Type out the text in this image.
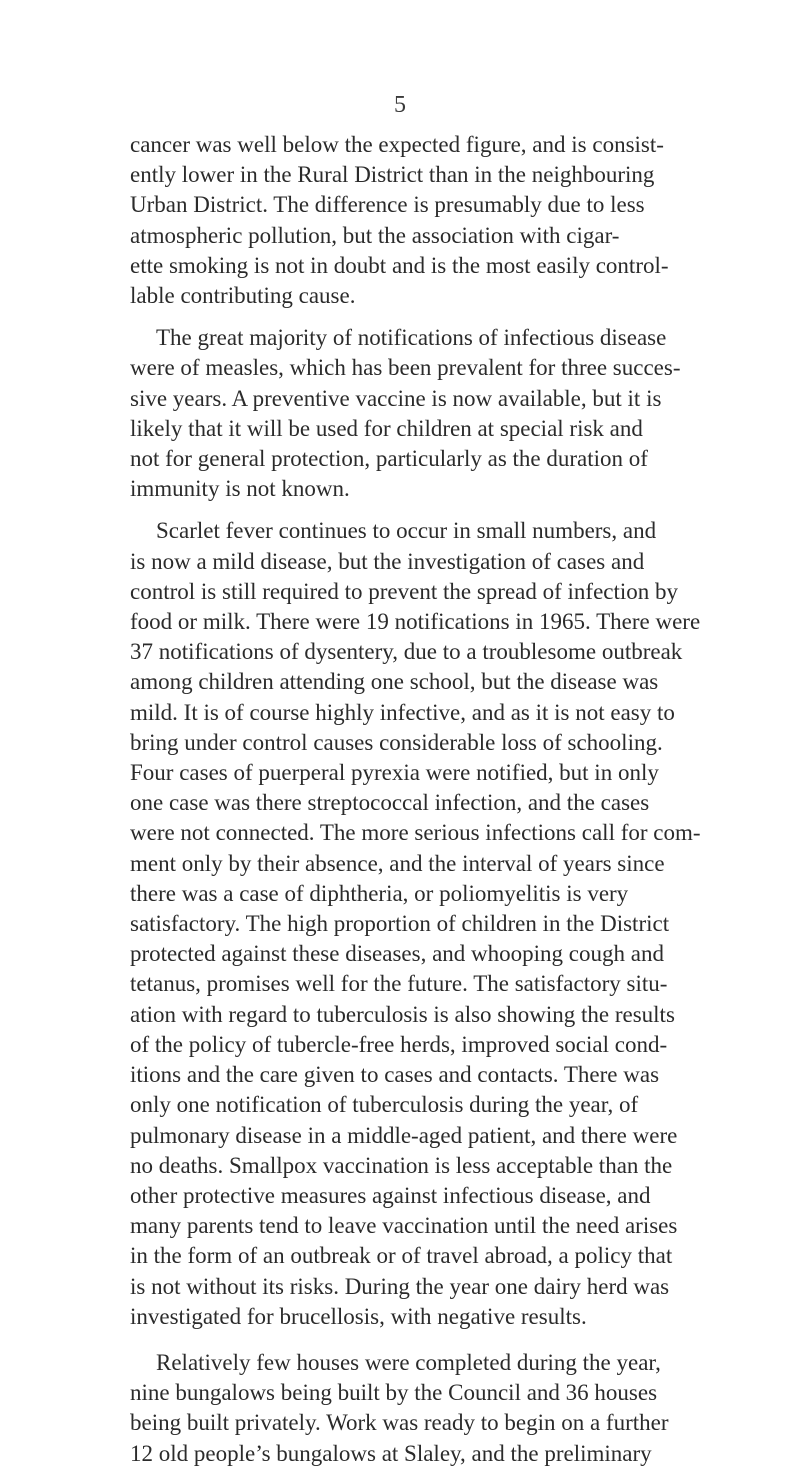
5

cancer was well below the expected figure, and is consist-
ently lower in the Rural District than in the neighbouring
Urban District. The difference is presumably due to less
atmospheric pollution, but the association with cigar-
ette smoking is not in doubt and is the most easily control-
lable contributing cause.

The great majority of notifications of infectious disease
were of measles, which has been prevalent for three succes-
sive years. A preventive vaccine is now available, but it is
likely that it will be used for children at special risk and
not for general protection, particularly as the duration of
immunity is not known.

Scarlet fever continues to occur in small numbers, and
is now a mild disease, but the investigation of cases and
control is still required to prevent the spread of infection by
food or milk. There were 19 notifications in 1965. There were
37 notifications of dysentery, due to a troublesome outbreak
among children attending one school, but the disease was
mild. It is of course highly infective, and as it is not easy to
bring under control causes considerable loss of schooling.
Four cases of puerperal pyrexia were notified, but in only
one case was there streptococcal infection, and the cases
were not connected. The more serious infections call for com-
ment only by their absence, and the interval of years since
there was a case of diphtheria, or poliomyelitis is very
satisfactory. The high proportion of children in the District
protected against these diseases, and whooping cough and
tetanus, promises well for the future. The satisfactory situ-
ation with regard to tuberculosis is also showing the results
of the policy of tubercle-free herds, improved social cond-
itions and the care given to cases and contacts. There was
only one notification of tuberculosis during the year, of
pulmonary disease in a middle-aged patient, and there were
no deaths. Smallpox vaccination is less acceptable than the
other protective measures against infectious disease, and
many parents tend to leave vaccination until the need arises
in the form of an outbreak or of travel abroad, a policy that
is not without its risks. During the year one dairy herd was
investigated for brucellosis, with negative results.

Relatively few houses were completed during the year,
nine bungalows being built by the Council and 36 houses
being built privately. Work was ready to begin on a further
12 old people’s bungalows at Slaley, and the preliminary
